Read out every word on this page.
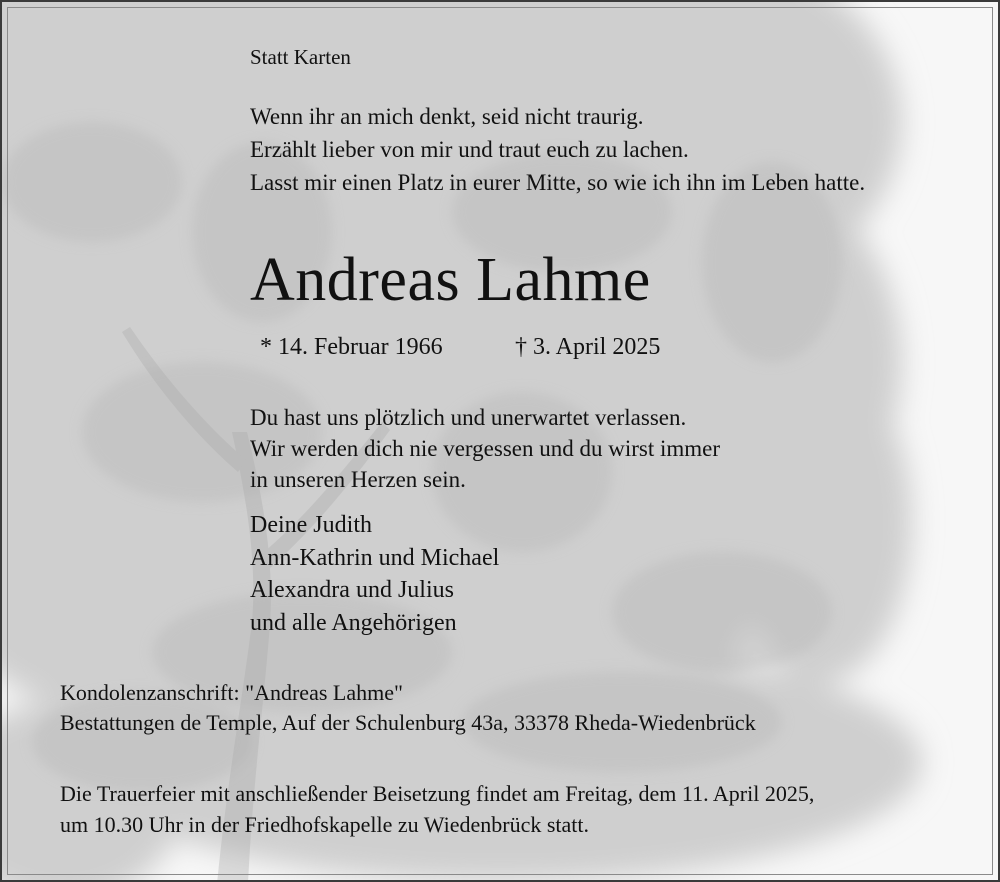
Statt Karten
Wenn ihr an mich denkt, seid nicht traurig.
Erzählt lieber von mir und traut euch zu lachen.
Lasst mir einen Platz in eurer Mitte, so wie ich ihn im Leben hatte.
Andreas Lahme
* 14. Februar 1966	† 3. April 2025
Du hast uns plötzlich und unerwartet verlassen.
Wir werden dich nie vergessen und du wirst immer
in unseren Herzen sein.
Deine Judith
Ann-Kathrin und Michael
Alexandra und Julius
und alle Angehörigen
Kondolenzanschrift: "Andreas Lahme"
Bestattungen de Temple, Auf der Schulenburg 43a, 33378 Rheda-Wiedenbrück
Die Trauerfeier mit anschließender Beisetzung findet am Freitag, dem 11. April 2025,
um 10.30 Uhr in der Friedhofskapelle zu Wiedenbrück statt.
